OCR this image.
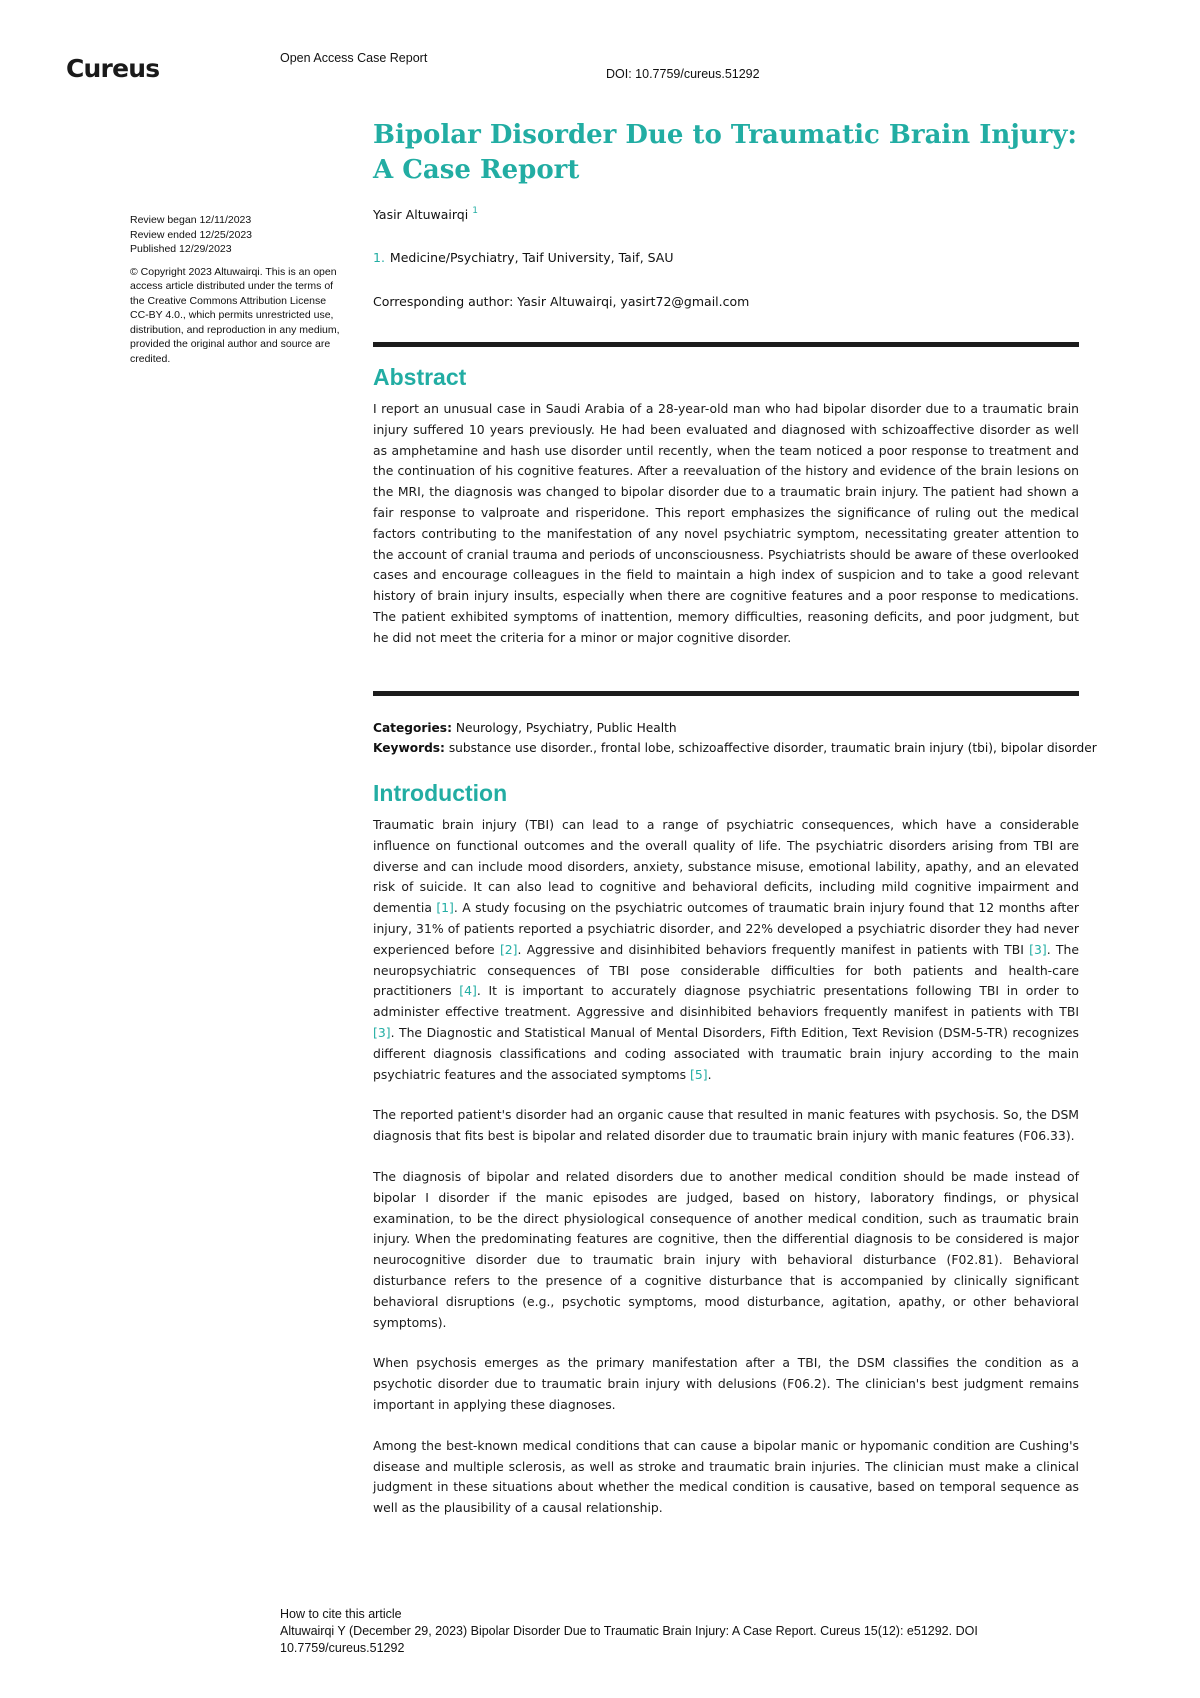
Cureus	Open Access Case Report
DOI: 10.7759/cureus.51292
Bipolar Disorder Due to Traumatic Brain Injury:
A Case Report
Yasir Altuwairqi $^1$
1. Medicine/Psychiatry, Taif University, Taif, SAU
Corresponding author: Yasir Altuwairqi, yasirt72@gmail.com
Review began 12/11/2023
Review ended 12/25/2023
Published 12/29/2023
© Copyright 2023 Altuwairqi. This is an open access article distributed under the terms of the Creative Commons Attribution License CC-BY 4.0., which permits unrestricted use, distribution, and reproduction in any medium, provided the original author and source are credited.
Abstract
I report an unusual case in Saudi Arabia of a 28-year-old man who had bipolar disorder due to a traumatic brain injury suffered 10 years previously. He had been evaluated and diagnosed with schizoaffective disorder as well as amphetamine and hash use disorder until recently, when the team noticed a poor response to treatment and the continuation of his cognitive features. After a reevaluation of the history and evidence of the brain lesions on the MRI, the diagnosis was changed to bipolar disorder due to a traumatic brain injury. The patient had shown a fair response to valproate and risperidone. This report emphasizes the significance of ruling out the medical factors contributing to the manifestation of any novel psychiatric symptom, necessitating greater attention to the account of cranial trauma and periods of unconsciousness. Psychiatrists should be aware of these overlooked cases and encourage colleagues in the field to maintain a high index of suspicion and to take a good relevant history of brain injury insults, especially when there are cognitive features and a poor response to medications. The patient exhibited symptoms of inattention, memory difficulties, reasoning deficits, and poor judgment, but he did not meet the criteria for a minor or major cognitive disorder.
Categories: Neurology, Psychiatry, Public Health
Keywords: substance use disorder., frontal lobe, schizoaffective disorder, traumatic brain injury (tbi), bipolar disorder
Introduction

Traumatic brain injury (TBI) can lead to a range of psychiatric consequences, which have a considerable influence on functional outcomes and the overall quality of life. The psychiatric disorders arising from TBI are diverse and can include mood disorders, anxiety, substance misuse, emotional lability, apathy, and an elevated risk of suicide. It can also lead to cognitive and behavioral deficits, including mild cognitive impairment and dementia [1]. A study focusing on the psychiatric outcomes of traumatic brain injury found that 12 months after injury, 31% of patients reported a psychiatric disorder, and 22% developed a psychiatric disorder they had never experienced before [2]. Aggressive and disinhibited behaviors frequently manifest in patients with TBI [3]. The neuropsychiatric consequences of TBI pose considerable difficulties for both patients and health-care practitioners [4]. It is important to accurately diagnose psychiatric presentations following TBI in order to administer effective treatment. Aggressive and disinhibited behaviors frequently manifest in patients with TBI [3]. The Diagnostic and Statistical Manual of Mental Disorders, Fifth Edition, Text Revision (DSM-5-TR) recognizes different diagnosis classifications and coding associated with traumatic brain injury according to the main psychiatric features and the associated symptoms [5].

The reported patient's disorder had an organic cause that resulted in manic features with psychosis. So, the DSM diagnosis that fits best is bipolar and related disorder due to traumatic brain injury with manic features (F06.33).

The diagnosis of bipolar and related disorders due to another medical condition should be made instead of bipolar I disorder if the manic episodes are judged, based on history, laboratory findings, or physical examination, to be the direct physiological consequence of another medical condition, such as traumatic brain injury. When the predominating features are cognitive, then the differential diagnosis to be considered is major neurocognitive disorder due to traumatic brain injury with behavioral disturbance (F02.81). Behavioral disturbance refers to the presence of a cognitive disturbance that is accompanied by clinically significant behavioral disruptions (e.g., psychotic symptoms, mood disturbance, agitation, apathy, or other behavioral symptoms).

When psychosis emerges as the primary manifestation after a TBI, the DSM classifies the condition as a psychotic disorder due to traumatic brain injury with delusions (F06.2). The clinician's best judgment remains important in applying these diagnoses.

Among the best-known medical conditions that can cause a bipolar manic or hypomanic condition are Cushing's disease and multiple sclerosis, as well as stroke and traumatic brain injuries. The clinician must make a clinical judgment in these situations about whether the medical condition is causative, based on temporal sequence as well as the plausibility of a causal relationship.

How to cite this article
Altuwairqi Y (December 29, 2023) Bipolar Disorder Due to Traumatic Brain Injury: A Case Report. Cureus 15(12): e51292. DOI 10.7759/cureus.51292
